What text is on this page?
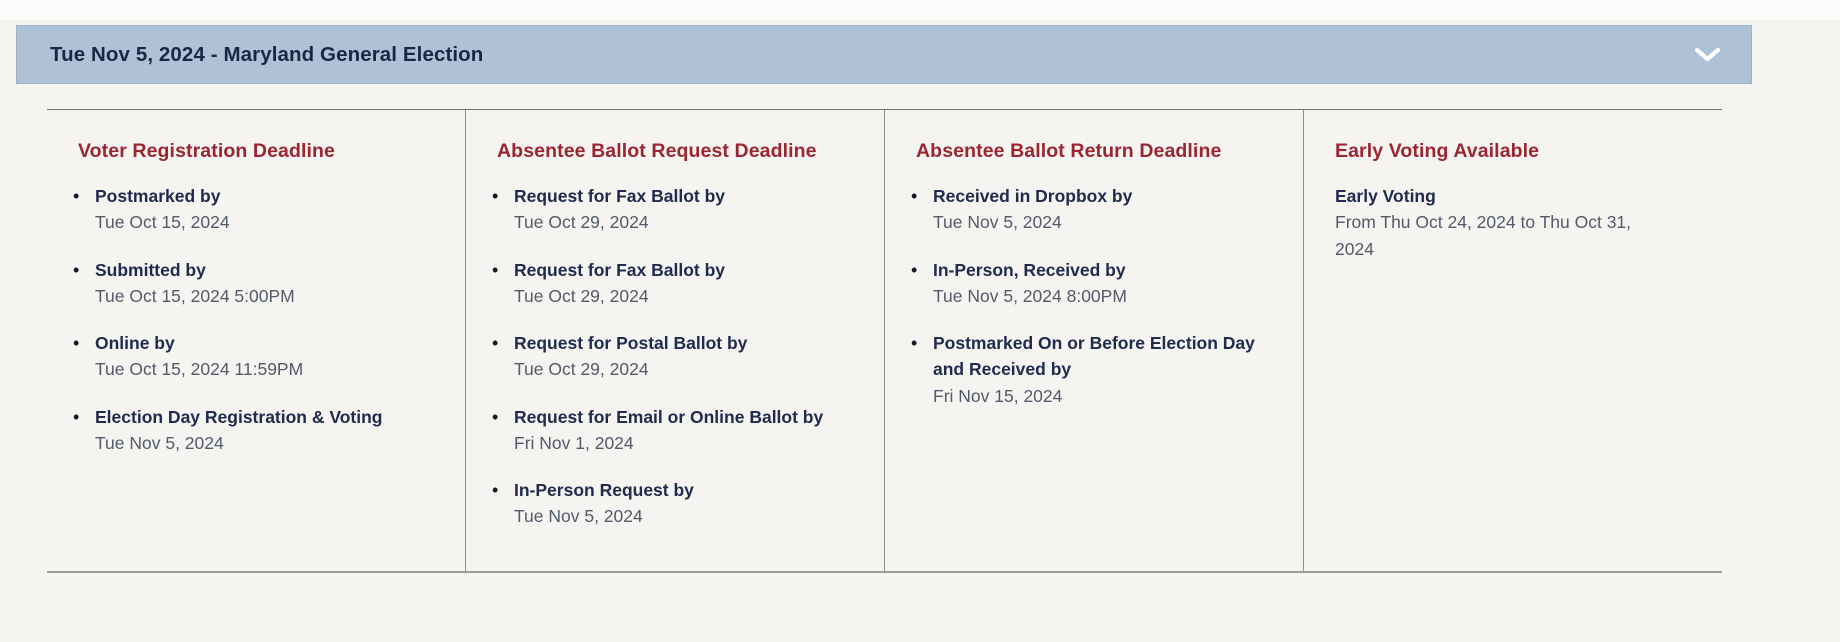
Tue Nov 5, 2024 - Maryland General Election
Voter Registration Deadline
•
Postmarked by
Tue Oct 15, 2024
•
Submitted by
Tue Oct 15, 2024 5:00PM
•
Online by
Tue Oct 15, 2024 11:59PM
•
Election Day Registration & Voting
Tue Nov 5, 2024
Absentee Ballot Request Deadline
•
Request for Fax Ballot by
Tue Oct 29, 2024
•
Request for Fax Ballot by
Tue Oct 29, 2024
•
Request for Postal Ballot by
Tue Oct 29, 2024
•
Request for Email or Online Ballot by
Fri Nov 1, 2024
•
In-Person Request by
Tue Nov 5, 2024
Absentee Ballot Return Deadline
•
Received in Dropbox by
Tue Nov 5, 2024
•
In-Person, Received by
Tue Nov 5, 2024 8:00PM
•
Postmarked On or Before Election Day and Received by
Fri Nov 15, 2024
Early Voting Available
Early Voting
From Thu Oct 24, 2024 to Thu Oct 31, 2024
